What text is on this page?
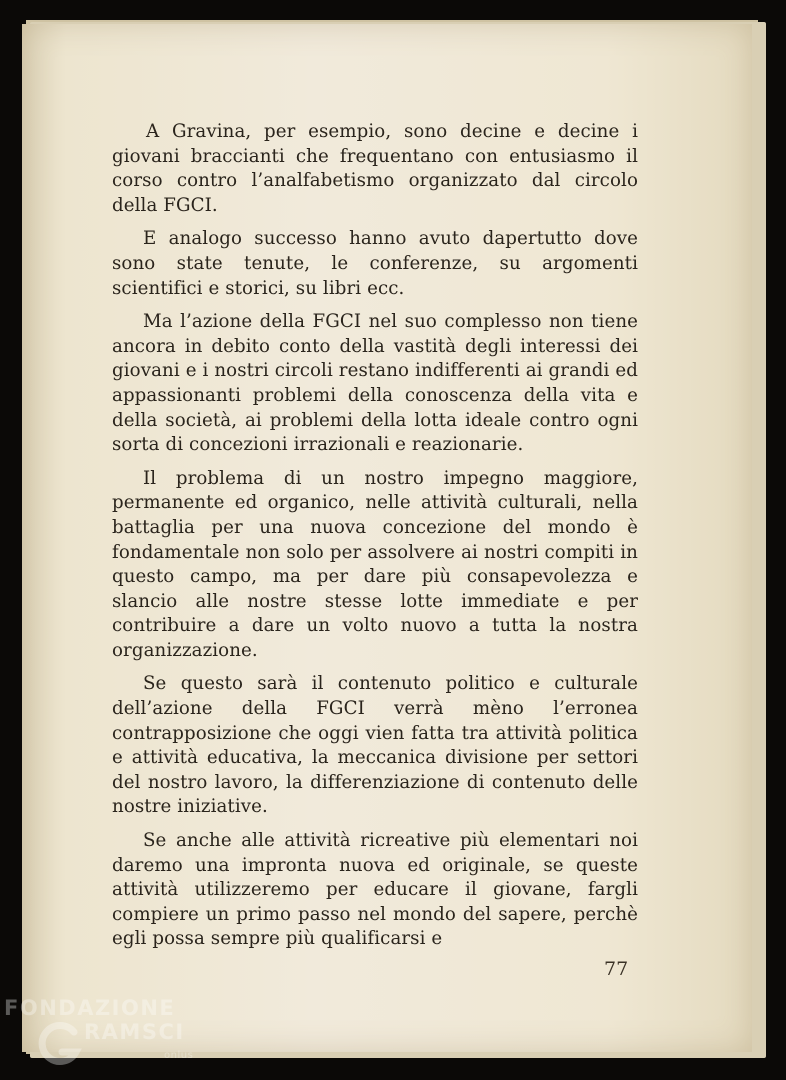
A Gravina, per esempio, sono decine e decine i giovani braccianti che frequentano con entusiasmo il corso contro l’analfabetismo organizzato dal circolo della FGCI.

E analogo successo hanno avuto dapertutto dove sono state tenute, le conferenze, su argomenti scientifici e storici, su libri ecc.

Ma l’azione della FGCI nel suo complesso non tiene ancora in debito conto della vastità degli interessi dei giovani e i nostri circoli restano indifferenti ai grandi ed appassionanti problemi della conoscenza della vita e della società, ai problemi della lotta ideale contro ogni sorta di concezioni irrazionali e reazionarie.

Il problema di un nostro impegno maggiore, permanente ed organico, nelle attività culturali, nella battaglia per una nuova concezione del mondo è fondamentale non solo per assolvere ai nostri compiti in questo campo, ma per dare più consapevolezza e slancio alle nostre stesse lotte immediate e per contribuire a dare un volto nuovo a tutta la nostra organizzazione.

Se questo sarà il contenuto politico e culturale dell’azione della FGCI verrà mèno l’erronea contrapposizione che oggi vien fatta tra attività politica e attività educativa, la meccanica divisione per settori del nostro lavoro, la differenziazione di contenuto delle nostre iniziative.

Se anche alle attività ricreative più elementari noi daremo una impronta nuova ed originale, se queste attività utilizzeremo per educare il giovane, fargli compiere un primo passo nel mondo del sapere, perchè egli possa sempre più qualificarsi e

77
FONDAZIONE
RAMSCI
onlus
